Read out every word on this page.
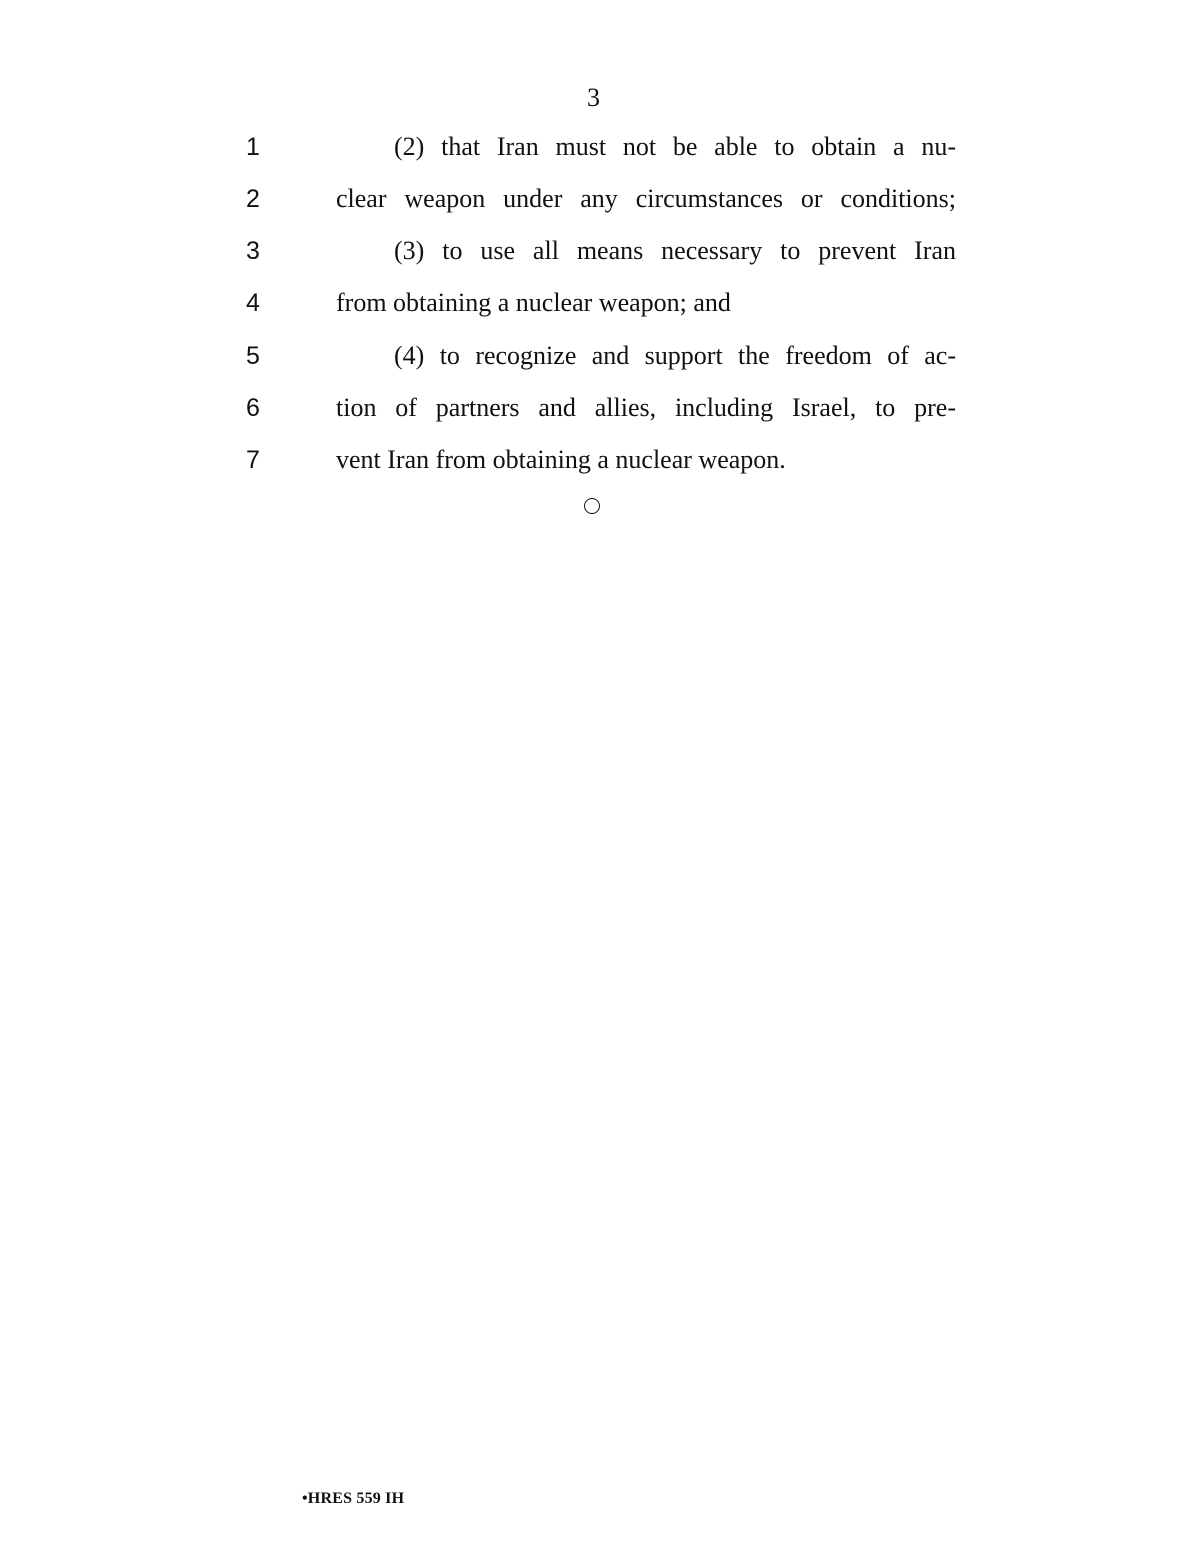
3
1	(2) that Iran must not be able to obtain a nu-
2	clear weapon under any circumstances or conditions;
3	(3) to use all means necessary to prevent Iran
4	from obtaining a nuclear weapon; and
5	(4) to recognize and support the freedom of ac-
6	tion of partners and allies, including Israel, to pre-
7	vent Iran from obtaining a nuclear weapon.
•HRES 559 IH
